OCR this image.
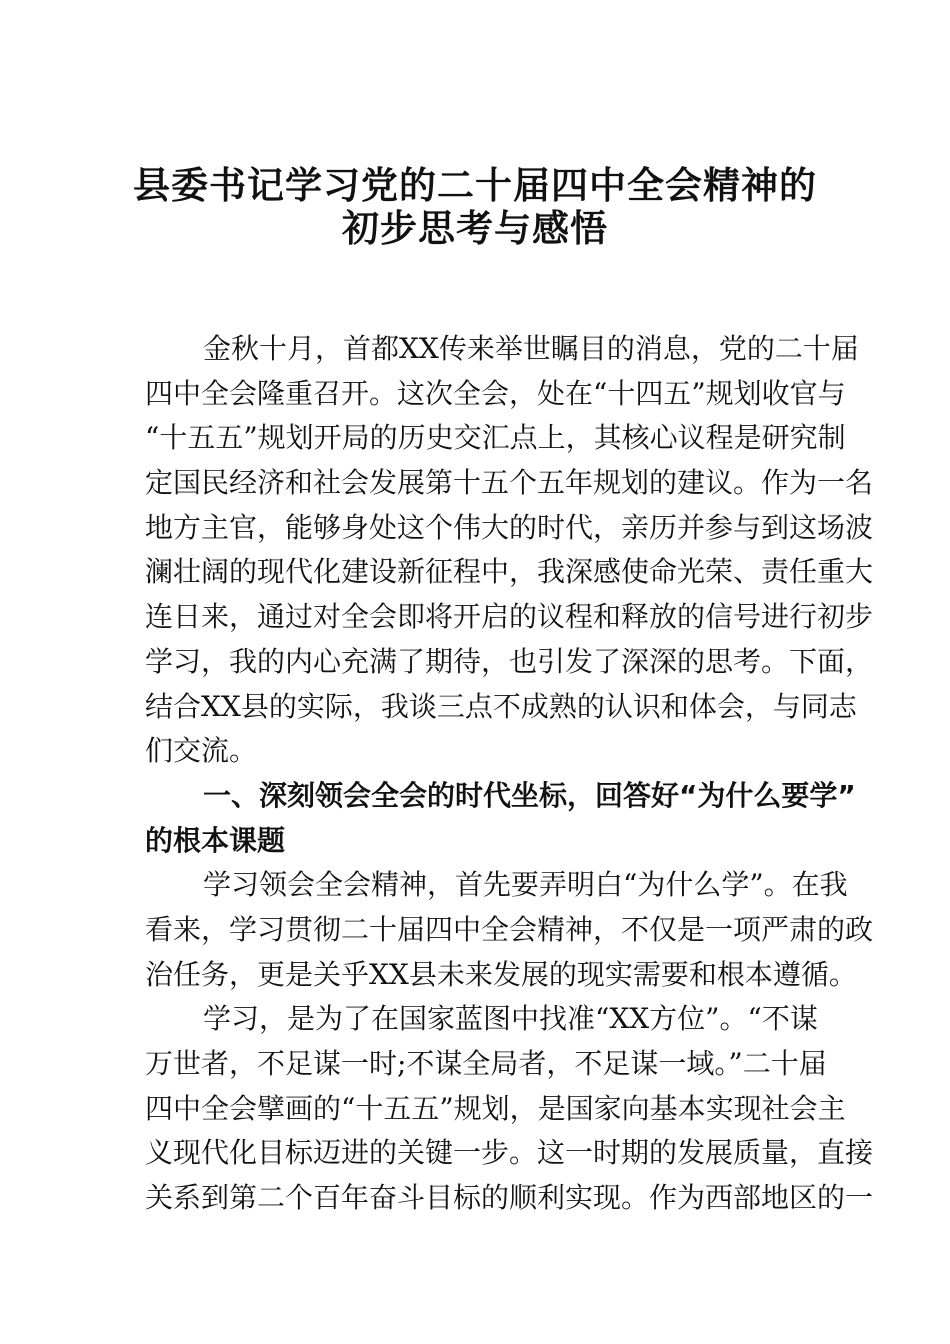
县委书记学习党的二十届四中全会精神的
初步思考与感悟
金秋十月，首都XX传来举世瞩目的消息，党的二十届
四中全会隆重召开。这次全会，处在“十四五”规划收官与
“十五五”规划开局的历史交汇点上，其核心议程是研究制
定国民经济和社会发展第十五个五年规划的建议。作为一名
地方主官，能够身处这个伟大的时代，亲历并参与到这场波
澜壮阔的现代化建设新征程中，我深感使命光荣、责任重大
连日来，通过对全会即将开启的议程和释放的信号进行初步
学习，我的内心充满了期待，也引发了深深的思考。下面，
结合XX县的实际，我谈三点不成熟的认识和体会，与同志
们交流。
一、深刻领会全会的时代坐标，回答好“为什么要学”
的根本课题
学习领会全会精神，首先要弄明白“为什么学”。在我
看来，学习贯彻二十届四中全会精神，不仅是一项严肃的政
治任务，更是关乎XX县未来发展的现实需要和根本遵循。
学习，是为了在国家蓝图中找准“XX方位”。“不谋
万世者，不足谋一时;不谋全局者，不足谋一域。”二十届
四中全会擘画的“十五五”规划，是国家向基本实现社会主
义现代化目标迈进的关键一步。这一时期的发展质量，直接
关系到第二个百年奋斗目标的顺利实现。作为西部地区的一
